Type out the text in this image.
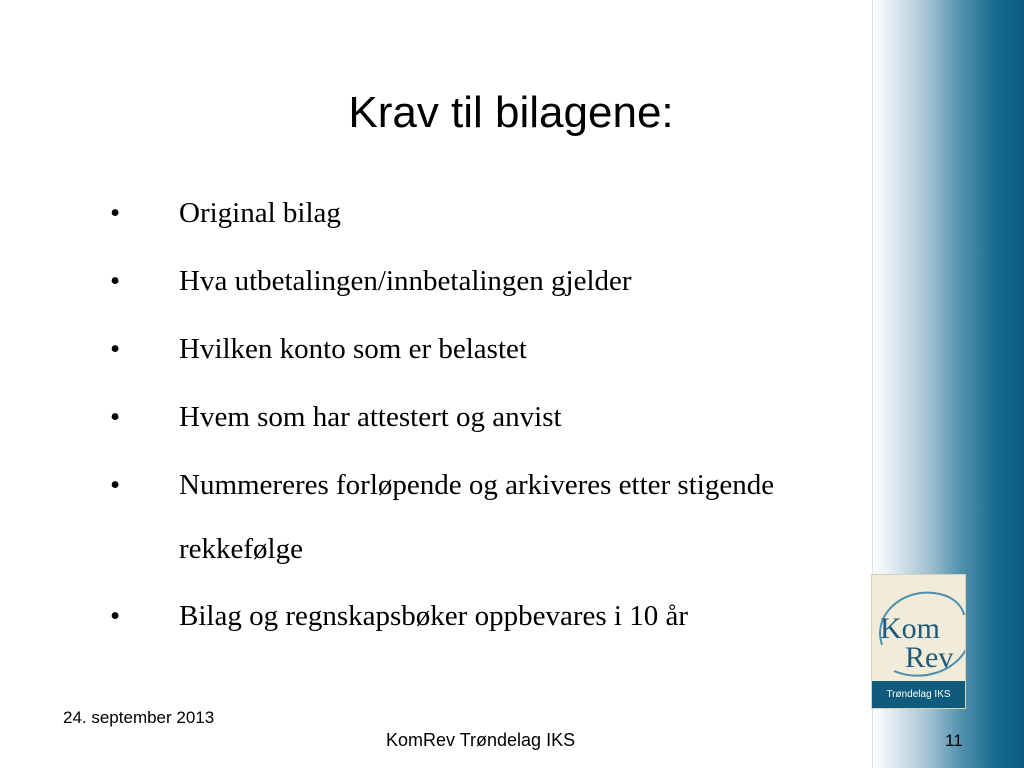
Krav til bilagene:
• Original bilag
• Hva utbetalingen/innbetalingen gjelder
• Hvilken konto som er belastet
• Hvem som har attestert og anvist
• Nummereres forløpende og arkiveres etter stigende rekkefølge
• Bilag og regnskapsbøker oppbevares i 10 år	Kom
Rev
Trøndelag IKS
24. september 2013
KomRev Trøndelag IKS	11
